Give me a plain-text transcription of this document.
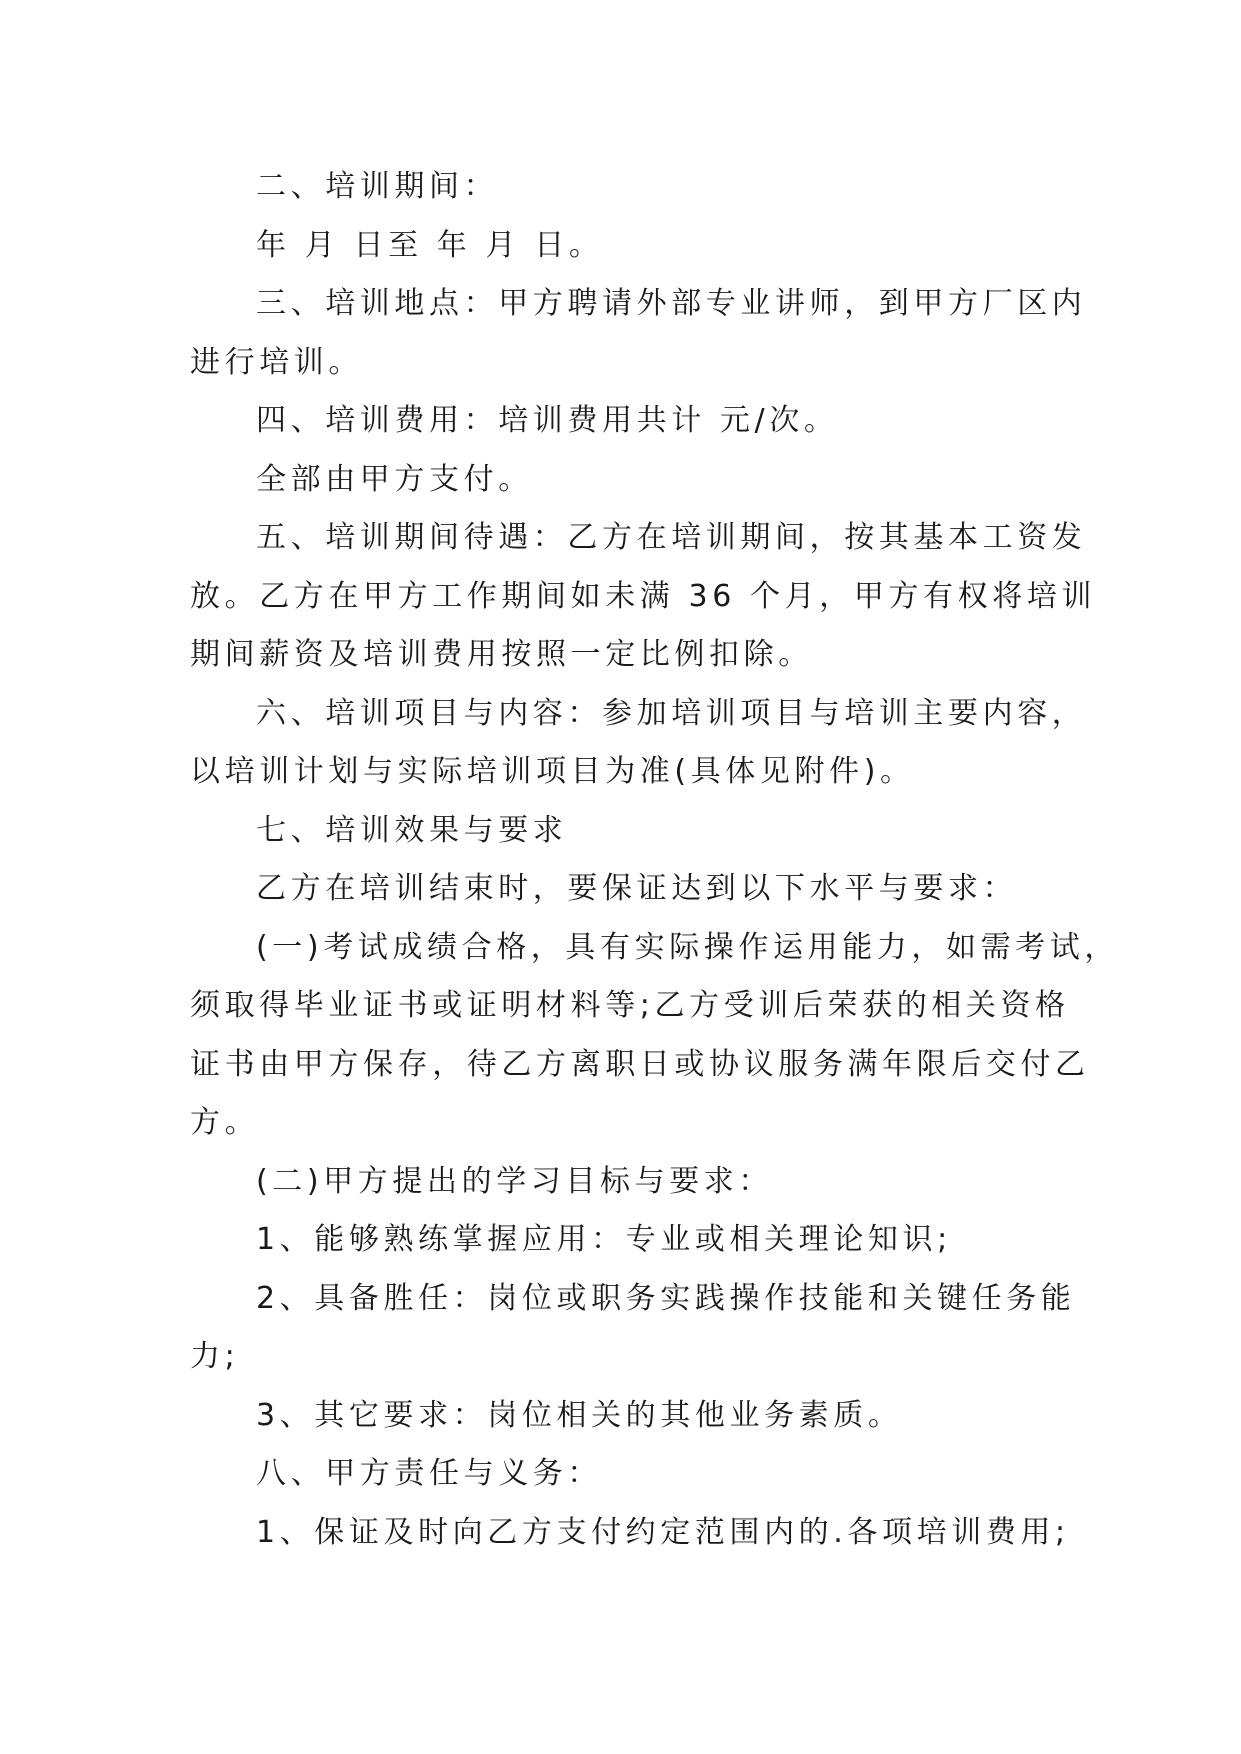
二、培训期间：
年 月 日至 年 月 日。
三、培训地点：甲方聘请外部专业讲师，到甲方厂区内
进行培训。
四、培训费用：培训费用共计 元/次。
全部由甲方支付。
五、培训期间待遇：乙方在培训期间，按其基本工资发
放。乙方在甲方工作期间如未满 36 个月，甲方有权将培训
期间薪资及培训费用按照一定比例扣除。
六、培训项目与内容：参加培训项目与培训主要内容，
以培训计划与实际培训项目为准(具体见附件)。
七、培训效果与要求
乙方在培训结束时，要保证达到以下水平与要求：
(一)考试成绩合格，具有实际操作运用能力，如需考试，
须取得毕业证书或证明材料等;乙方受训后荣获的相关资格
证书由甲方保存，待乙方离职日或协议服务满年限后交付乙
方。
(二)甲方提出的学习目标与要求：
1、能够熟练掌握应用：专业或相关理论知识;
2、具备胜任：岗位或职务实践操作技能和关键任务能
力;
3、其它要求：岗位相关的其他业务素质。
八、甲方责任与义务：
1、保证及时向乙方支付约定范围内的.各项培训费用;
